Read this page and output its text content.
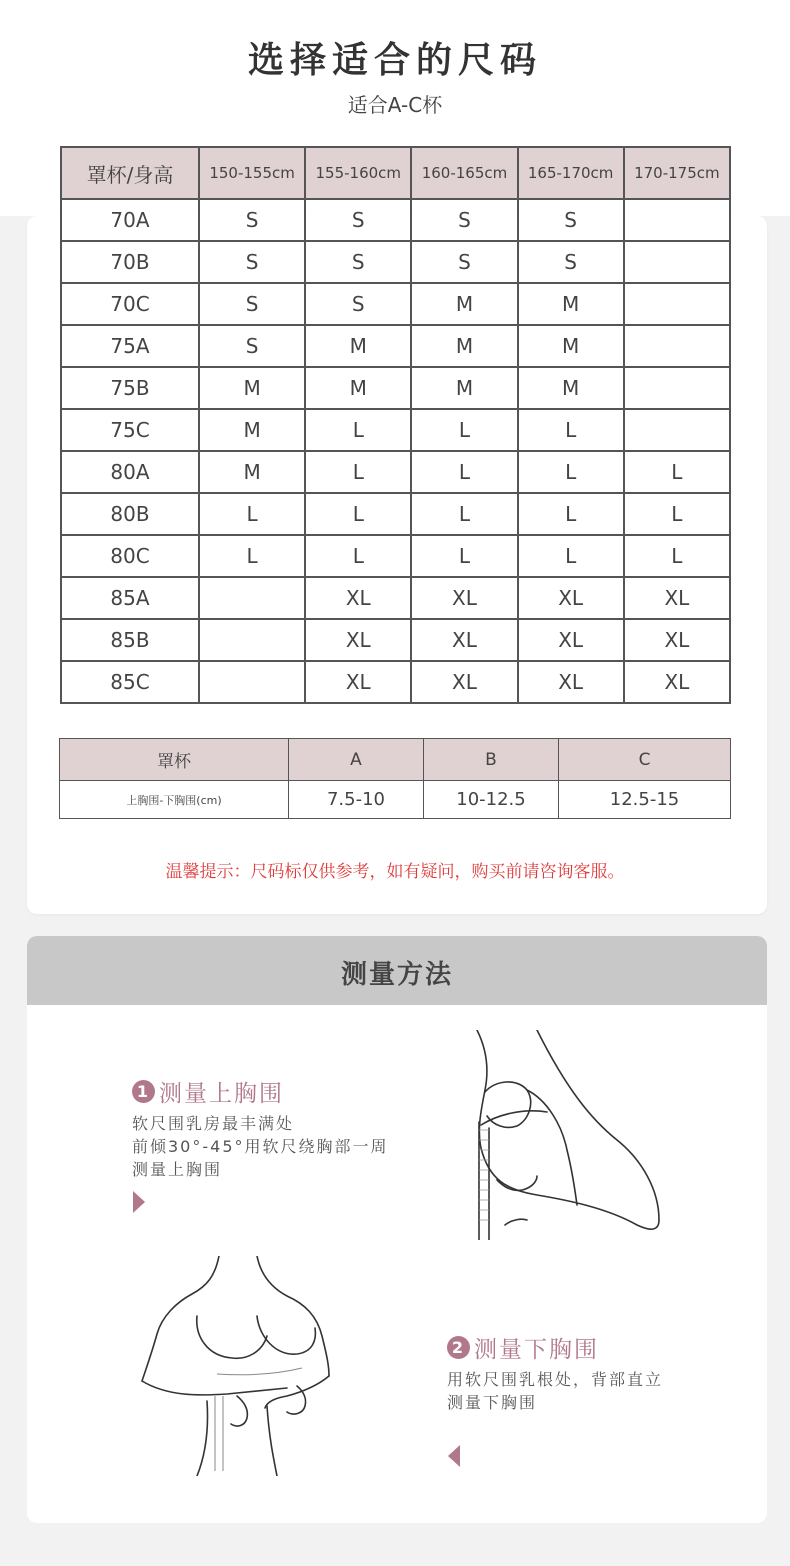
选择适合的尺码
适合A-C杯
罩杯/身高	150-155cm	155-160cm	160-165cm	165-170cm	170-175cm
70A	S	S	S	S	
70B	S	S	S	S	
70C	S	S	M	M	
75A	S	M	M	M	
75B	M	M	M	M	
75C	M	L	L	L	
80A	M	L	L	L	L
80B	L	L	L	L	L
80C	L	L	L	L	L
85A		XL	XL	XL	XL
85B		XL	XL	XL	XL
85C		XL	XL	XL	XL
罩杯	A	B	C
上胸围-下胸围(cm)	7.5-10	10-12.5	12.5-15
温馨提示：尺码标仅供参考，如有疑问，购买前请咨询客服。
测量方法
1 测量上胸围
软尺围乳房最丰满处
前倾30°-45°用软尺绕胸部一周
测量上胸围
2 测量下胸围
用软尺围乳根处，背部直立
测量下胸围
